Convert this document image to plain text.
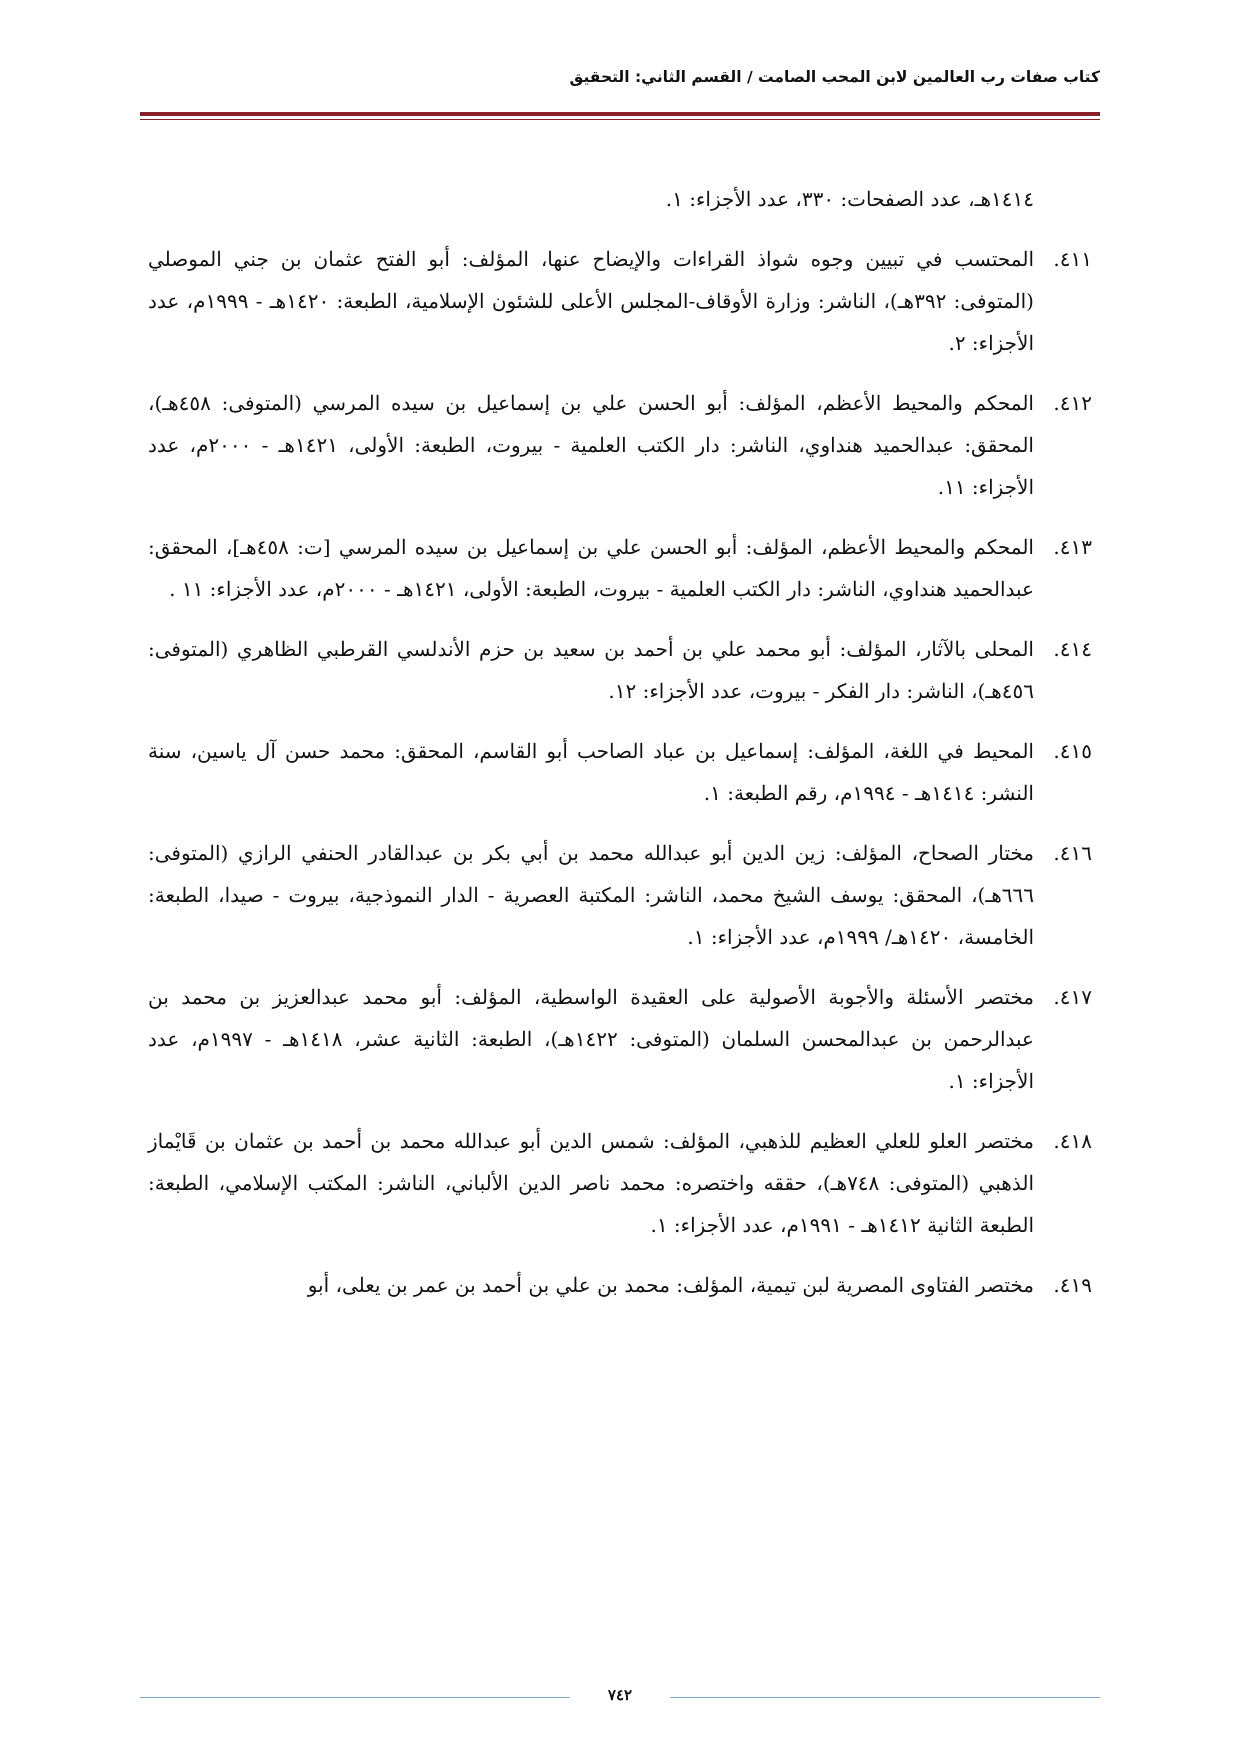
كتاب صفات رب العالمين لابن المحب الصامت / القسم الثاني: التحقيق

١٤١٤هـ، عدد الصفحات: ٣٣٠، عدد الأجزاء: ١.

٤١١.
المحتسب في تبيين وجوه شواذ القراءات والإيضاح عنها، المؤلف: أبو الفتح عثمان بن جني الموصلي (المتوفى: ٣٩٢هـ)، الناشر: وزارة الأوقاف-المجلس الأعلى للشئون الإسلامية، الطبعة: ١٤٢٠هـ - ١٩٩٩م، عدد الأجزاء: ٢.
٤١٢.
المحكم والمحيط الأعظم، المؤلف: أبو الحسن علي بن إسماعيل بن سيده المرسي (المتوفى: ٤٥٨هـ)، المحقق: عبدالحميد هنداوي، الناشر: دار الكتب العلمية - بيروت، الطبعة: الأولى، ١٤٢١هـ - ٢٠٠٠م، عدد الأجزاء: ١١.
٤١٣.
المحكم والمحيط الأعظم، المؤلف: أبو الحسن علي بن إسماعيل بن سيده المرسي [ت: ٤٥٨هـ]، المحقق: عبدالحميد هنداوي، الناشر: دار الكتب العلمية - بيروت، الطبعة: الأولى، ١٤٢١هـ - ٢٠٠٠م، عدد الأجزاء: ١١ .
٤١٤.
المحلى بالآثار، المؤلف: أبو محمد علي بن أحمد بن سعيد بن حزم الأندلسي القرطبي الظاهري (المتوفى: ٤٥٦هـ)، الناشر: دار الفكر - بيروت، عدد الأجزاء: ١٢.
٤١٥.
المحيط في اللغة، المؤلف: إسماعيل بن عباد الصاحب أبو القاسم، المحقق: محمد حسن آل ياسين، سنة النشر: ١٤١٤هـ - ١٩٩٤م، رقم الطبعة: ١.
٤١٦.
مختار الصحاح، المؤلف: زين الدين أبو عبدالله محمد بن أبي بكر بن عبدالقادر الحنفي الرازي (المتوفى: ٦٦٦هـ)، المحقق: يوسف الشيخ محمد، الناشر: المكتبة العصرية - الدار النموذجية، بيروت - صيدا، الطبعة: الخامسة، ١٤٢٠هـ/ ١٩٩٩م، عدد الأجزاء: ١.
٤١٧.
مختصر الأسئلة والأجوبة الأصولية على العقيدة الواسطية، المؤلف: أبو محمد عبدالعزيز بن محمد بن عبدالرحمن بن عبدالمحسن السلمان (المتوفى: ١٤٢٢هـ)، الطبعة: الثانية عشر، ١٤١٨هـ - ١٩٩٧م، عدد الأجزاء: ١.
٤١٨.
مختصر العلو للعلي العظيم للذهبي، المؤلف: شمس الدين أبو عبدالله محمد بن أحمد بن عثمان بن قَايْماز الذهبي (المتوفى: ٧٤٨هـ)، حققه واختصره: محمد ناصر الدين الألباني، الناشر: المكتب الإسلامي، الطبعة: الطبعة الثانية ١٤١٢هـ - ١٩٩١م، عدد الأجزاء: ١.
٤١٩.
مختصر الفتاوى المصرية لبن تيمية، المؤلف: محمد بن علي بن أحمد بن عمر بن يعلى، أبو
٧٤٢
